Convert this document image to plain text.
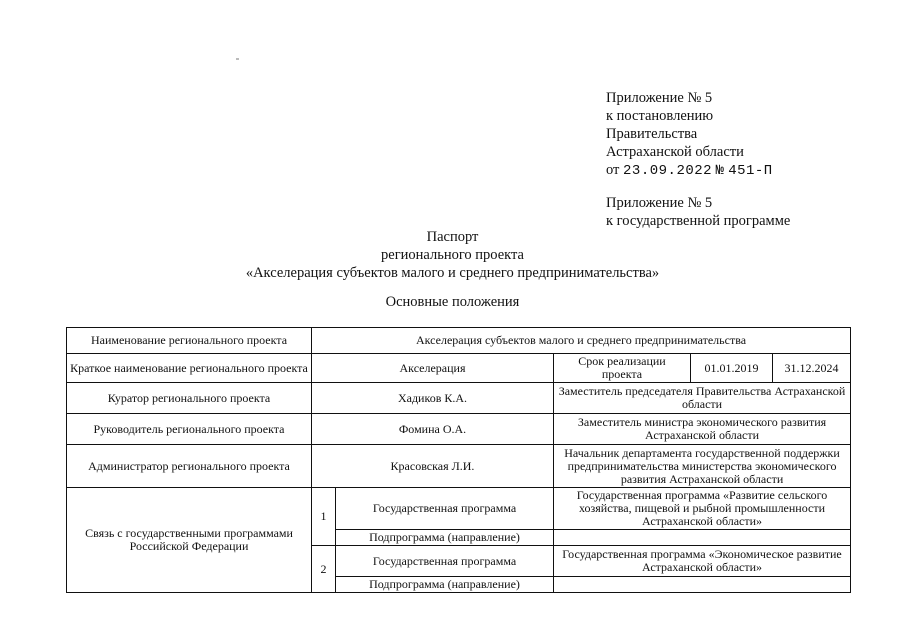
Приложение № 5
к постановлению
Правительства
Астраханской области
от 23.09.2022 № 451-П
Приложение № 5
к государственной программе
Паспорт
регионального проекта
«Акселерация субъектов малого и среднего предпринимательства»
Основные положения
Наименование регионального проекта	Акселерация субъектов малого и среднего предпринимательства				
Краткое наименование регионального проекта	Акселерация		Срок реализации проекта	01.01.2019	31.12.2024
Куратор регионального проекта	Хадиков К.А.		Заместитель председателя Правительства Астраханской области		
Руководитель регионального проекта	Фомина О.А.		Заместитель министра экономического развития Астраханской области		
Администратор регионального проекта	Красовская Л.И.		Начальник департамента государственной поддержки предпринимательства министерства экономического развития Астраханской области		
Связь с государственными программами Российской Федерации	1	Государственная программа	Государственная программа «Развитие сельского хозяйства, пищевой и рыбной промышленности Астраханской области»		
		Подпрограмма (направление)			
	2	Государственная программа	Государственная программа «Экономическое развитие Астраханской области»		
		Подпрограмма (направление)			
